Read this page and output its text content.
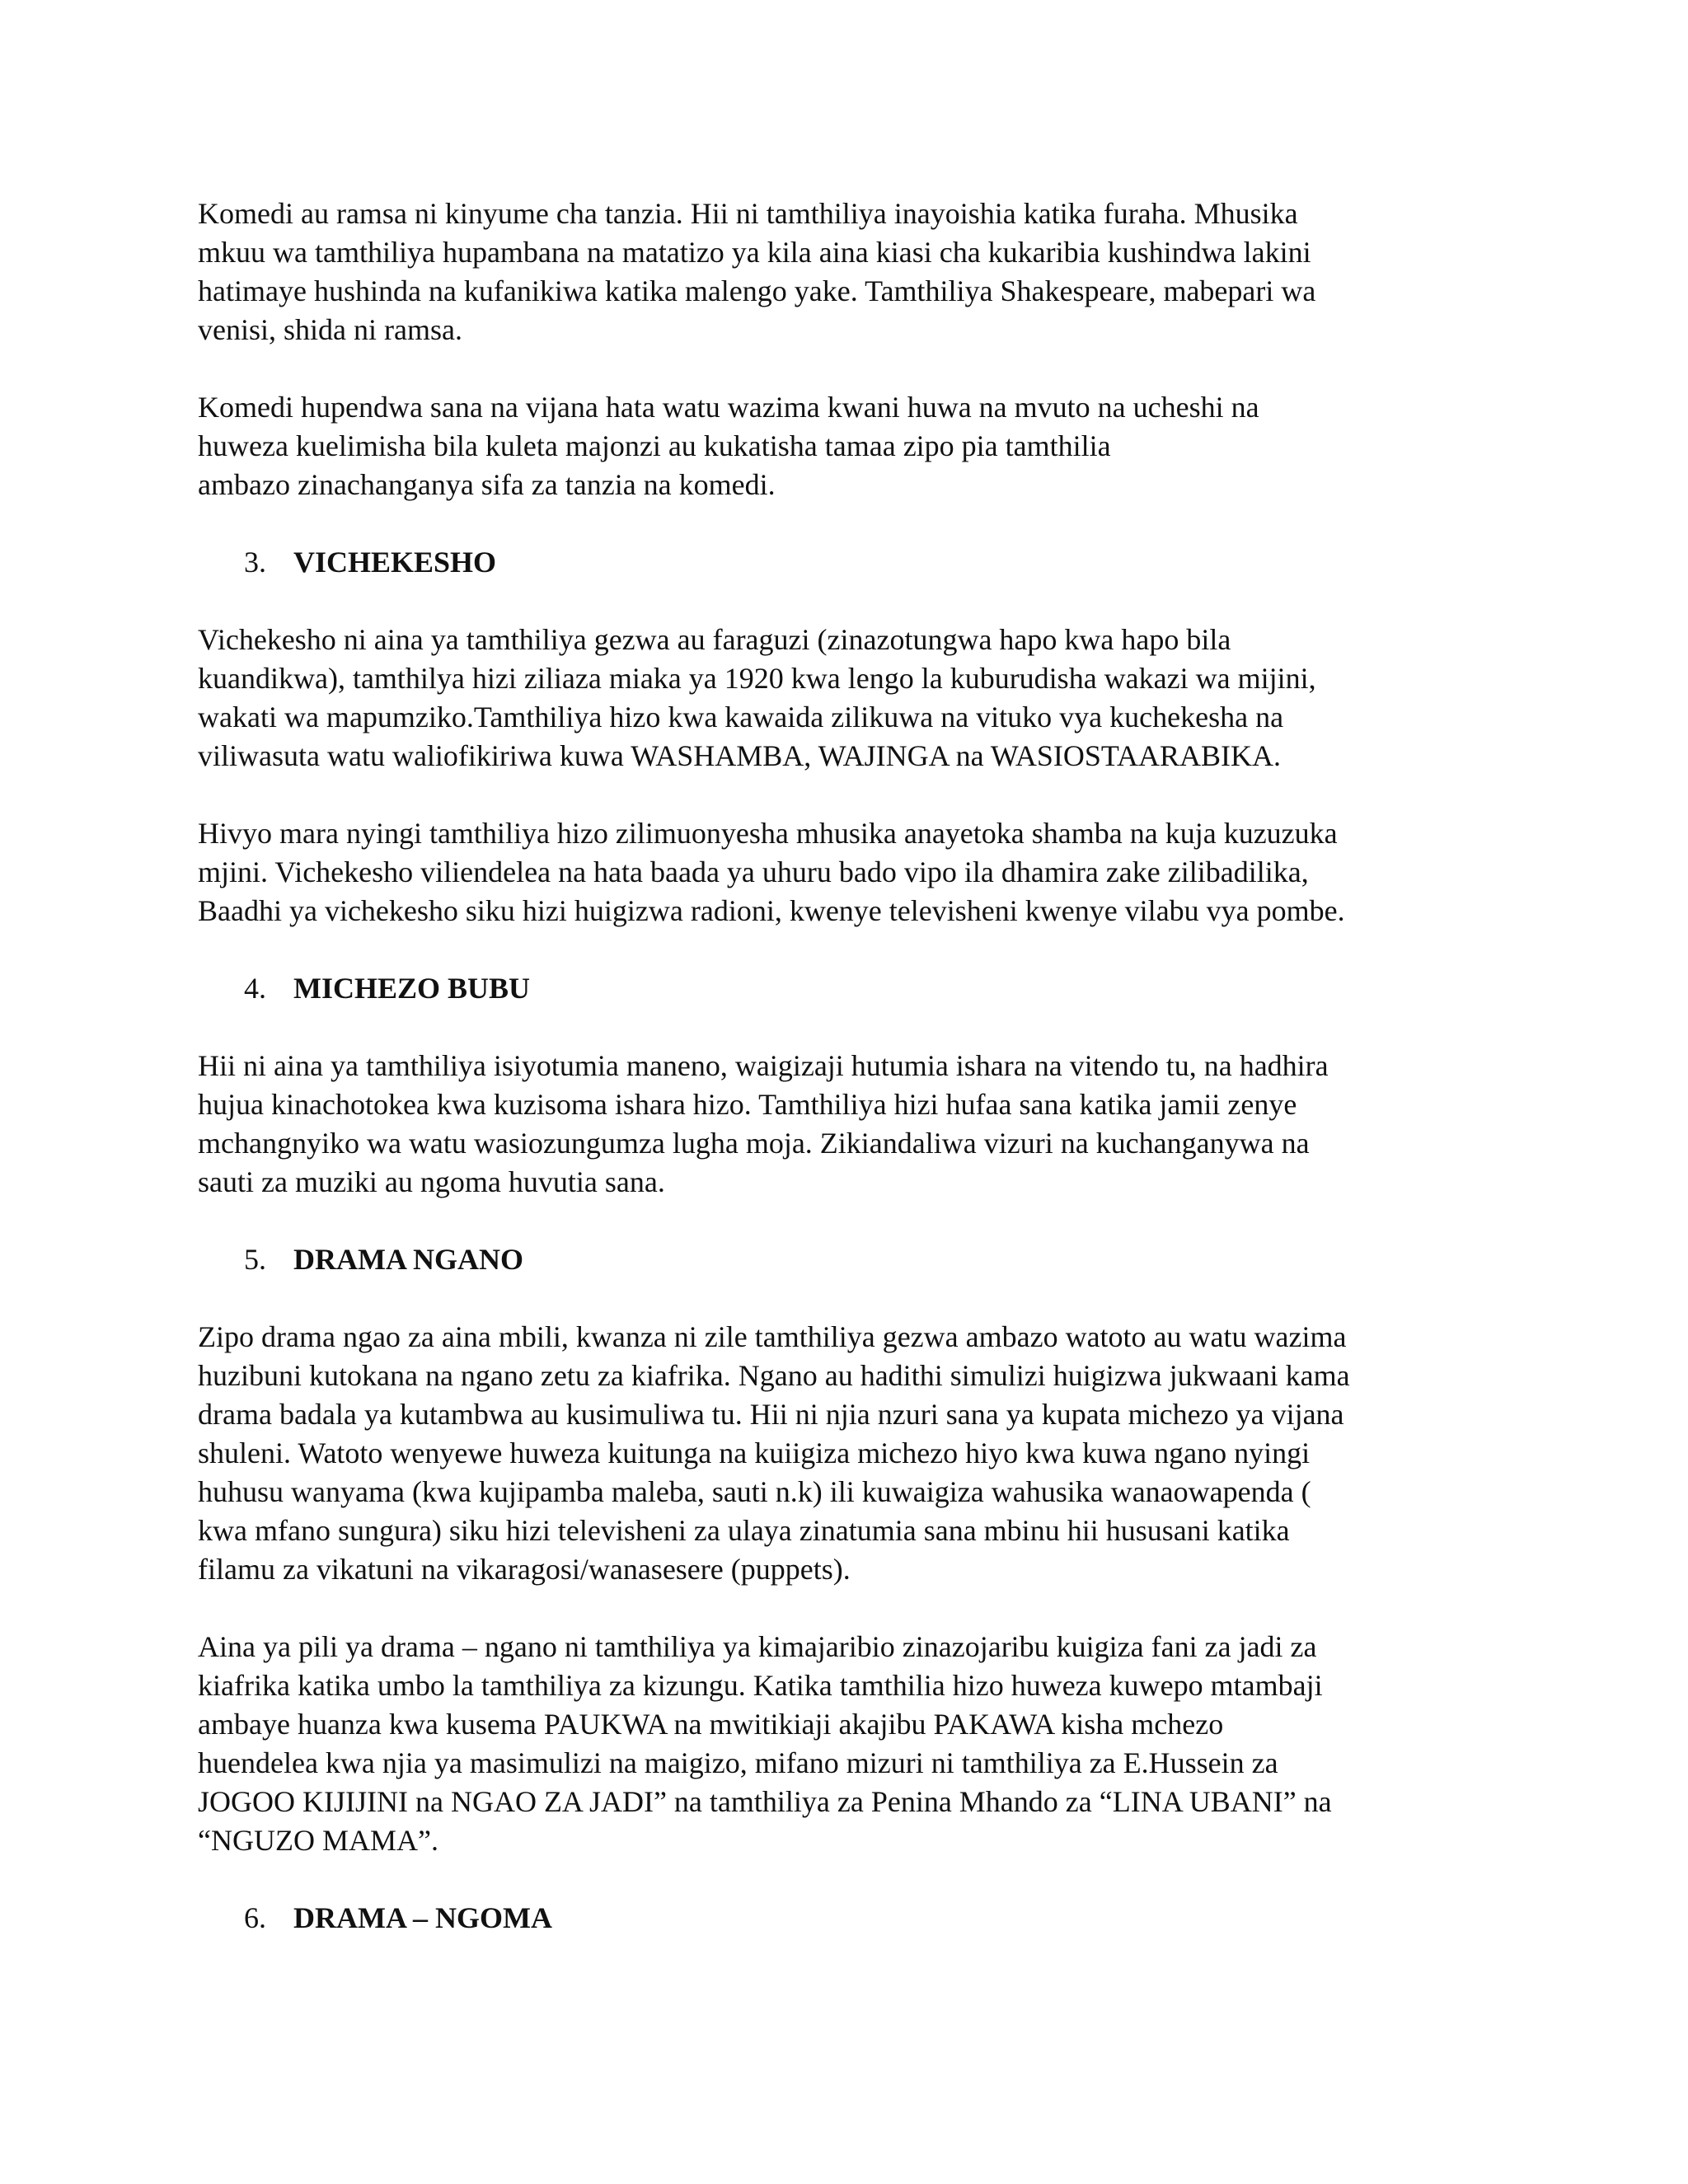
Komedi au ramsa ni kinyume cha tanzia. Hii ni tamthiliya inayoishia katika furaha. Mhusika
mkuu wa tamthiliya hupambana na matatizo ya kila aina kiasi cha kukaribia kushindwa lakini
hatimaye hushinda na kufanikiwa katika malengo yake. Tamthiliya Shakespeare, mabepari wa
venisi, shida ni ramsa.
Komedi hupendwa sana na vijana hata watu wazima kwani huwa na mvuto na ucheshi na
huweza kuelimisha bila kuleta majonzi au kukatisha tamaa zipo pia tamthilia
ambazo zinachanganya sifa za tanzia na komedi.
3. VICHEKESHO
Vichekesho ni aina ya tamthiliya gezwa au faraguzi (zinazotungwa hapo kwa hapo bila
kuandikwa), tamthilya hizi ziliaza miaka ya 1920 kwa lengo la kuburudisha wakazi wa mijini,
wakati wa mapumziko.Tamthiliya hizo kwa kawaida zilikuwa na vituko vya kuchekesha na
viliwasuta watu waliofikiriwa kuwa WASHAMBA, WAJINGA na WASIOSTAARABIKA.
Hivyo mara nyingi tamthiliya hizo zilimuonyesha mhusika anayetoka shamba na kuja kuzuzuka
mjini. Vichekesho viliendelea na hata baada ya uhuru bado vipo ila dhamira zake zilibadilika,
Baadhi ya vichekesho siku hizi huigizwa radioni, kwenye televisheni kwenye vilabu vya pombe.
4. MICHEZO BUBU
Hii ni aina ya tamthiliya isiyotumia maneno, waigizaji hutumia ishara na vitendo tu, na hadhira
hujua kinachotokea kwa kuzisoma ishara hizo. Tamthiliya hizi hufaa sana katika jamii zenye
mchangnyiko wa watu wasiozungumza lugha moja. Zikiandaliwa vizuri na kuchanganywa na
sauti za muziki au ngoma huvutia sana.
5. DRAMA NGANO
Zipo drama ngao za aina mbili, kwanza ni zile tamthiliya gezwa ambazo watoto au watu wazima
huzibuni kutokana na ngano zetu za kiafrika. Ngano au hadithi simulizi huigizwa jukwaani kama
drama badala ya kutambwa au kusimuliwa tu. Hii ni njia nzuri sana ya kupata michezo ya vijana
shuleni. Watoto wenyewe huweza kuitunga na kuiigiza michezo hiyo kwa kuwa ngano nyingi
huhusu wanyama (kwa kujipamba maleba, sauti n.k) ili kuwaigiza wahusika wanaowapenda (
kwa mfano sungura) siku hizi televisheni za ulaya zinatumia sana mbinu hii hususani katika
filamu za vikatuni na vikaragosi/wanasesere (puppets).
Aina ya pili ya drama – ngano ni tamthiliya ya kimajaribio zinazojaribu kuigiza fani za jadi za
kiafrika katika umbo la tamthiliya za kizungu. Katika tamthilia hizo huweza kuwepo mtambaji
ambaye huanza kwa kusema PAUKWA na mwitikiaji akajibu PAKAWA kisha mchezo
huendelea kwa njia ya masimulizi na maigizo, mifano mizuri ni tamthiliya za E.Hussein za
JOGOO KIJIJINI na NGAO ZA JADI” na tamthiliya za Penina Mhando za “LINA UBANI” na
“NGUZO MAMA”.
6. DRAMA – NGOMA
